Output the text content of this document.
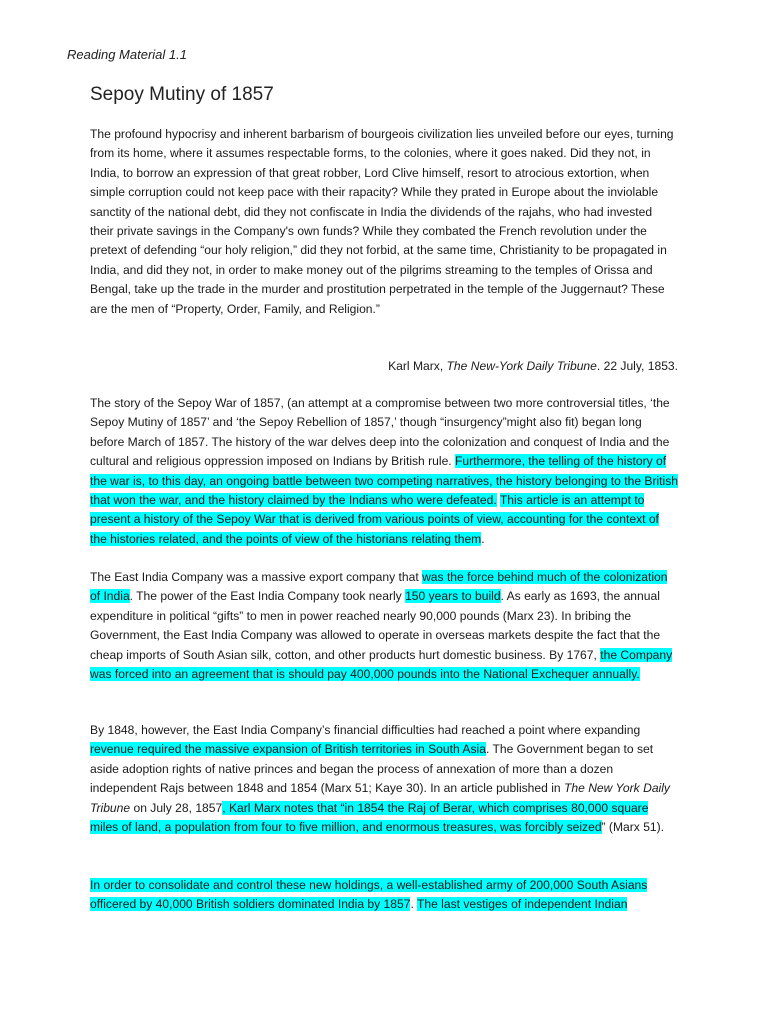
Reading Material 1.1
Sepoy Mutiny of 1857

The profound hypocrisy and inherent barbarism of bourgeois civilization lies unveiled before our eyes, turning from its home, where it assumes respectable forms, to the colonies, where it goes naked. Did they not, in India, to borrow an expression of that great robber, Lord Clive himself, resort to atrocious extortion, when simple corruption could not keep pace with their rapacity? While they prated in Europe about the inviolable sanctity of the national debt, did they not confiscate in India the dividends of the rajahs, who had invested their private savings in the Company's own funds? While they combated the French revolution under the pretext of defending “our holy religion,” did they not forbid, at the same time, Christianity to be propagated in India, and did they not, in order to make money out of the pilgrims streaming to the temples of Orissa and Bengal, take up the trade in the murder and prostitution perpetrated in the temple of the Juggernaut? These are the men of “Property, Order, Family, and Religion.”

Karl Marx, The New-York Daily Tribune. 22 July, 1853.

The story of the Sepoy War of 1857, (an attempt at a compromise between two more controversial titles, ‘the Sepoy Mutiny of 1857’ and ‘the Sepoy Rebellion of 1857,’ though “insurgency”might also fit) began long before March of 1857. The history of the war delves deep into the colonization and conquest of India and the cultural and religious oppression imposed on Indians by British rule. Furthermore, the telling of the history of the war is, to this day, an ongoing battle between two competing narratives, the history belonging to the British that won the war, and the history claimed by the Indians who were defeated. This article is an attempt to present a history of the Sepoy War that is derived from various points of view, accounting for the context of the histories related, and the points of view of the historians relating them.

The East India Company was a massive export company that was the force behind much of the colonization of India. The power of the East India Company took nearly 150 years to build. As early as 1693, the annual expenditure in political “gifts” to men in power reached nearly 90,000 pounds (Marx 23). In bribing the Government, the East India Company was allowed to operate in overseas markets despite the fact that the cheap imports of South Asian silk, cotton, and other products hurt domestic business. By 1767, the Company was forced into an agreement that is should pay 400,000 pounds into the National Exchequer annually.

By 1848, however, the East India Company’s financial difficulties had reached a point where expanding revenue required the massive expansion of British territories in South Asia. The Government began to set aside adoption rights of native princes and began the process of annexation of more than a dozen independent Rajs between 1848 and 1854 (Marx 51; Kaye 30). In an article published in The New York Daily Tribune on July 28, 1857, Karl Marx notes that “in 1854 the Raj of Berar, which comprises 80,000 square miles of land, a population from four to five million, and enormous treasures, was forcibly seized” (Marx 51).

In order to consolidate and control these new holdings, a well-established army of 200,000 South Asians officered by 40,000 British soldiers dominated India by 1857. The last vestiges of independent Indian
